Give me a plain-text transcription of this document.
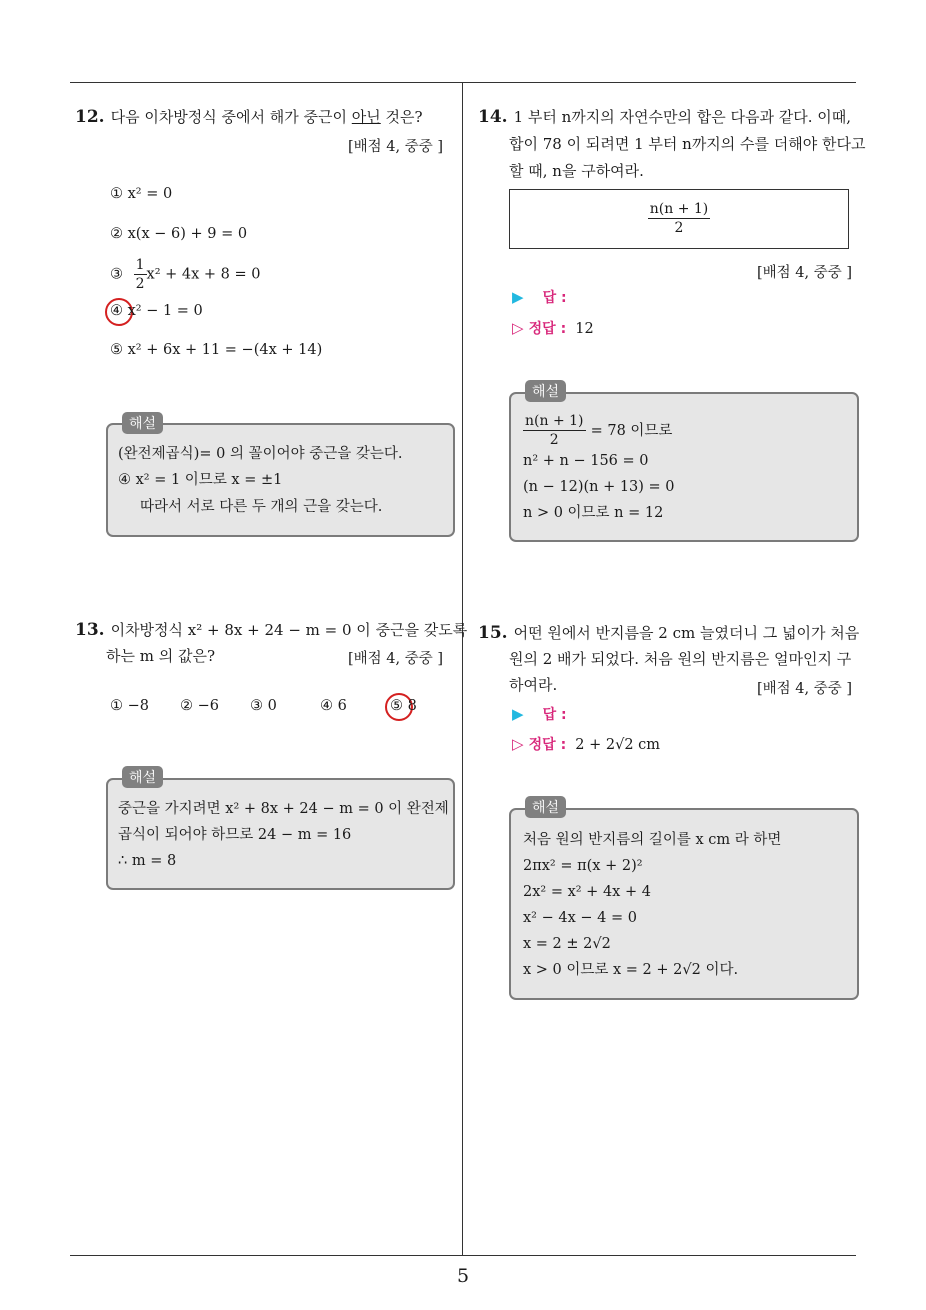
5
12. 다음 이차방정식 중에서 해가 중근이 아닌 것은?
[배점 4, 중중 ]
① x² = 0
② x(x − 6) + 9 = 0
③ $\frac{1}{2} x^2 + 4x + 8 = 0$
④ x² − 1 = 0
⑤ x² + 6x + 11 = −(4x + 14)
(완전제곱식)= 0 의 꼴이어야 중근을 갖는다.
④ x² = 1 이므로 x = ±1
따라서 서로 다른 두 개의 근을 갖는다.
해설
13. 이차방정식 x² + 8x + 24 − m = 0 이 중근을 갖도록
하는 m 의 값은?	[배점 4, 중중 ]
① −8 ② −6 ③ 0	④ 6	⑤ 8
중근을 가지려면 x² + 8x + 24 − m = 0 이 완전제
곱식이 되어야 하므로 24 − m = 16
∴ m = 8
해설
14. 1 부터 n까지의 자연수만의 합은 다음과 같다. 이때,
합이 78 이 되려면 1 부터 n까지의 수를 더해야 한다고
할 때, n을 구하여라.
$\frac{n(n + 1)}{2}$
[배점 4, 중중 ]
▶ 답 :
▷ 정답 : 12
$\frac{n(n + 1)}{2} = 78$ 이므로
n² + n − 156 = 0
(n − 12)(n + 13) = 0
n > 0 이므로 n = 12
해설
15. 어떤 원에서 반지름을 2 cm 늘였더니 그 넓이가 처음
원의 2 배가 되었다. 처음 원의 반지름은 얼마인지 구
하여라.	[배점 4, 중중 ]
▶ 답 :
▷ 정답 : 2 + 2√2 cm
처음 원의 반지름의 길이를 x cm 라 하면
2πx² = π(x + 2)²
2x² = x² + 4x + 4
x² − 4x − 4 = 0
x = 2 ± 2√2
x > 0 이므로 x = 2 + 2√2 이다.
해설
